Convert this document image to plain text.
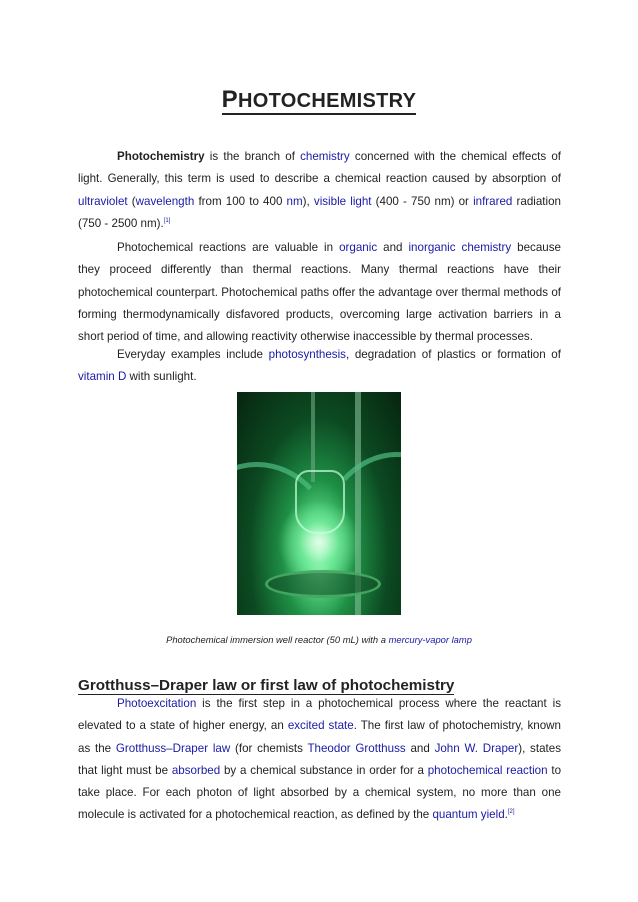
PHOTOCHEMISTRY

Photochemistry is the branch of chemistry concerned with the chemical effects of light. Generally, this term is used to describe a chemical reaction caused by absorption of ultraviolet (wavelength from 100 to 400 nm), visible light (400 - 750 nm) or infrared radiation (750 - 2500 nm).[1]

Photochemical reactions are valuable in organic and inorganic chemistry because they proceed differently than thermal reactions. Many thermal reactions have their photochemical counterpart. Photochemical paths offer the advantage over thermal methods of forming thermodynamically disfavored products, overcoming large activation barriers in a short period of time, and allowing reactivity otherwise inaccessible by thermal processes.

Everyday examples include photosynthesis, degradation of plastics or formation of vitamin D with sunlight.

Photochemical immersion well reactor (50 mL) with a mercury-vapor lamp
Grotthuss–Draper law or first law of photochemistry

Photoexcitation is the first step in a photochemical process where the reactant is elevated to a state of higher energy, an excited state. The first law of photochemistry, known as the Grotthuss–Draper law (for chemists Theodor Grotthuss and John W. Draper), states that light must be absorbed by a chemical substance in order for a photochemical reaction to take place. For each photon of light absorbed by a chemical system, no more than one molecule is activated for a photochemical reaction, as defined by the quantum yield.[2]
